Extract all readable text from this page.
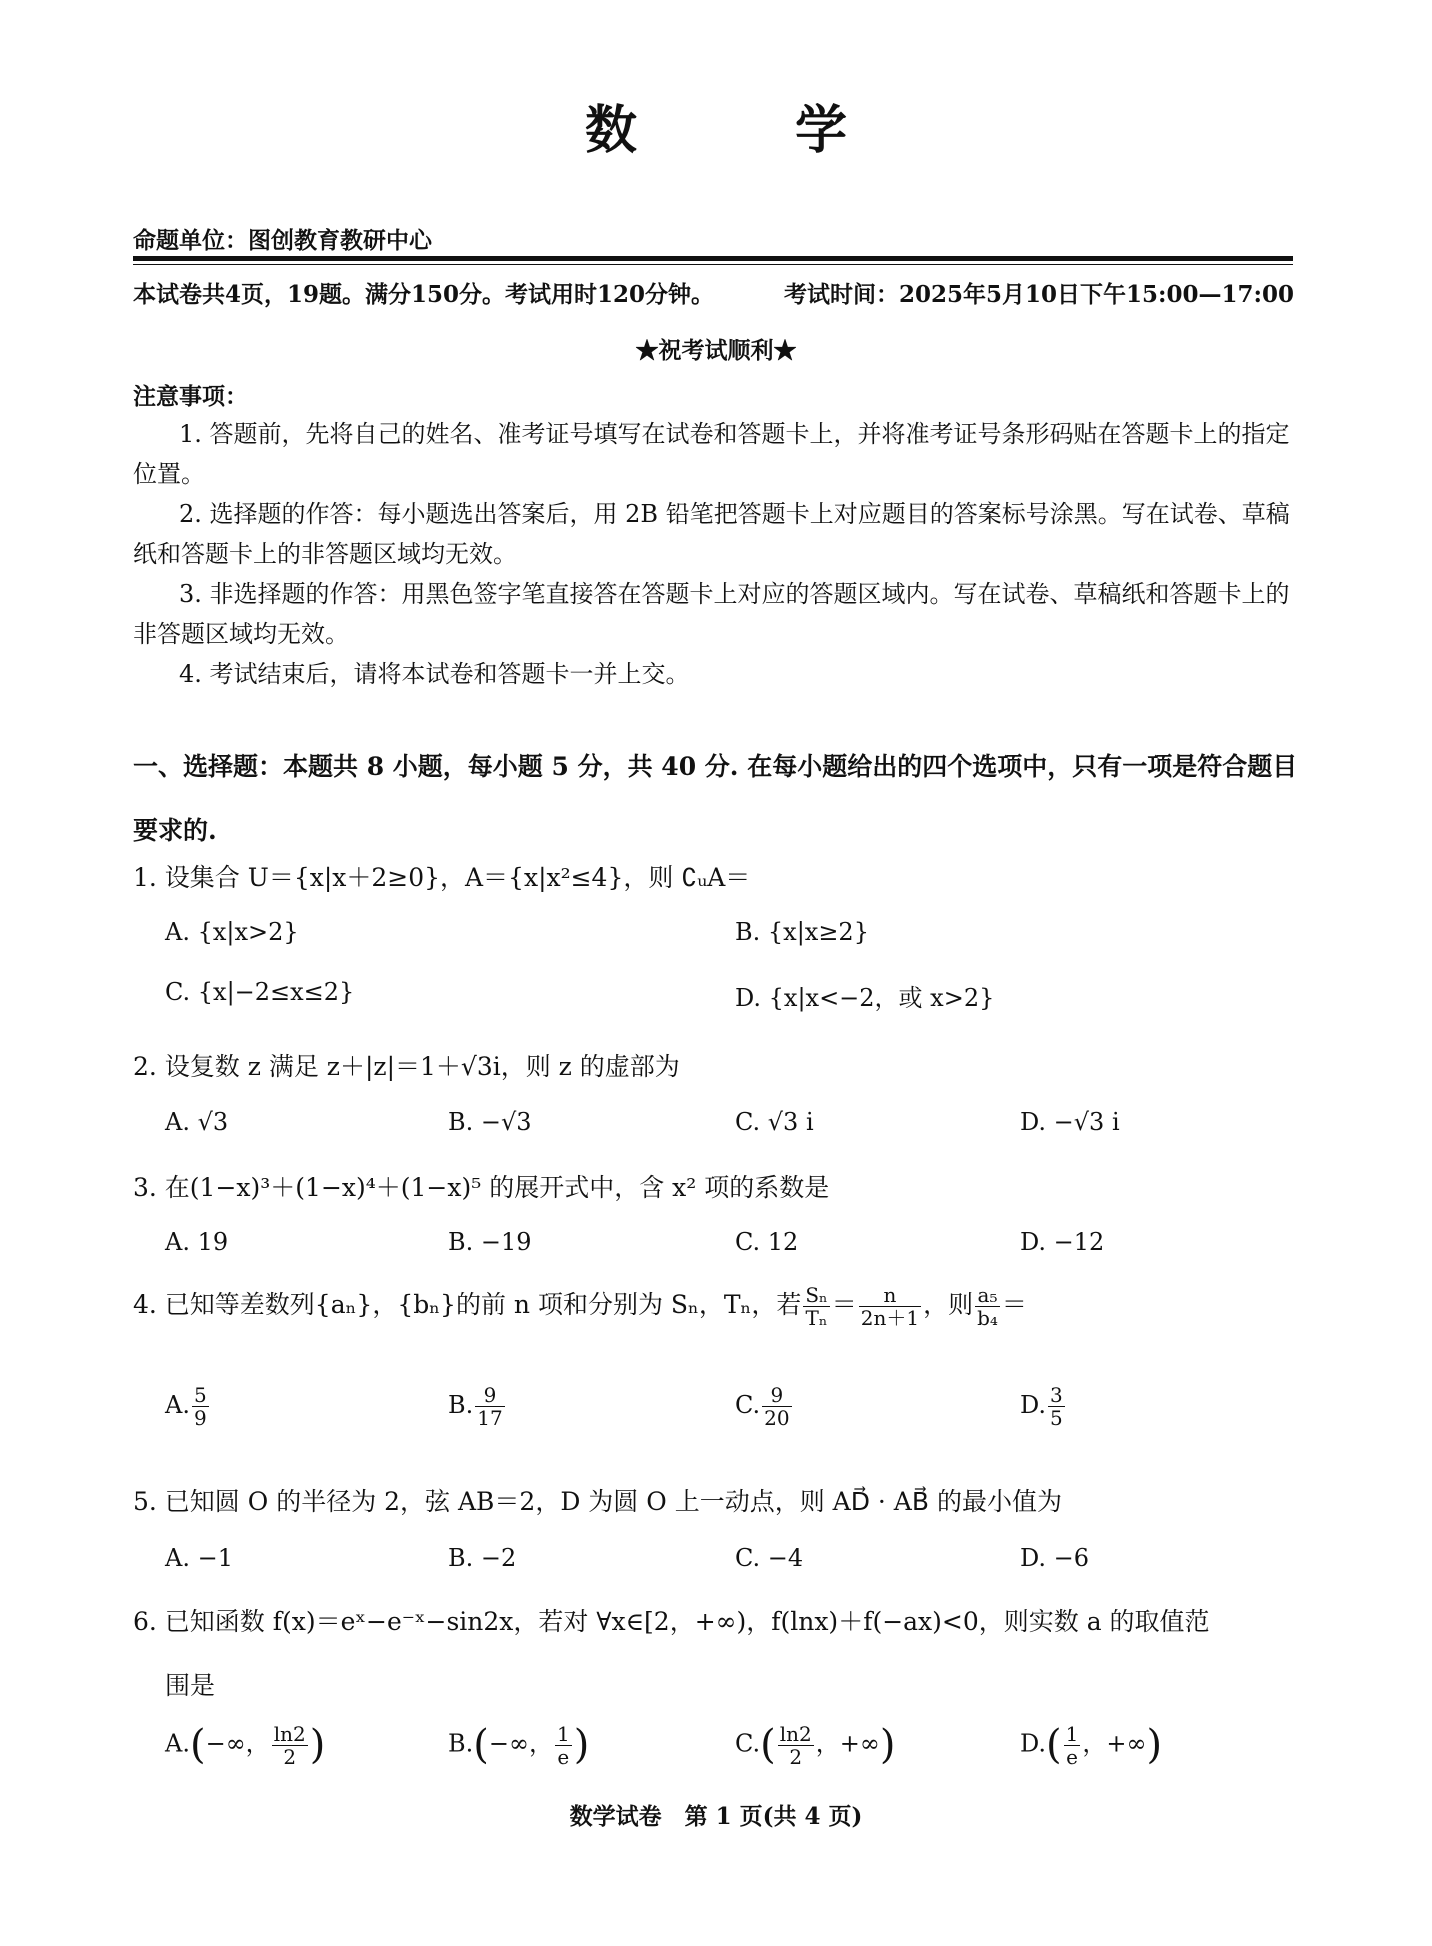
数 学
命题单位：图创教育教研中心
本试卷共4页，19题。满分150分。考试用时120分钟。	考试时间：2025年5月10日下午15:00—17:00
★祝考试顺利★
注意事项：

1. 答题前，先将自己的姓名、准考证号填写在试卷和答题卡上，并将准考证号条形码贴在答题卡上的指定位置。

2. 选择题的作答：每小题选出答案后，用 2B 铅笔把答题卡上对应题目的答案标号涂黑。写在试卷、草稿纸和答题卡上的非答题区域均无效。

3. 非选择题的作答：用黑色签字笔直接答在答题卡上对应的答题区域内。写在试卷、草稿纸和答题卡上的非答题区域均无效。

4. 考试结束后，请将本试卷和答题卡一并上交。

一、选择题：本题共 8 小题，每小题 5 分，共 40 分. 在每小题给出的四个选项中，只有一项是符合题目要求的.
1. 设集合 U＝{x|x＋2≥0}，A＝{x|x²≤4}，则 ∁ᵤA＝
A. {x|x>2}	B. {x|x≥2}
C. {x|−2≤x≤2}	D. {x|x<−2，或 x>2}
2. 设复数 z 满足 z＋|z|＝1＋√3i，则 z 的虚部为
A. √3	B. −√3	C. √3 i	D. −√3 i
3. 在(1−x)³＋(1−x)⁴＋(1−x)⁵ 的展开式中，含 x² 项的系数是
A. 19	B. −19	C. 12	D. −12
4. 已知等差数列{aₙ}，{bₙ}的前 n 项和分别为 Sₙ，Tₙ，若 $\frac{\text{Sₙ}}{\text{Tₙ}} = \frac{n}{2n+1}$ ，则 $\frac{\text{a₅}}{\text{b₄}}$ ＝
A. $\frac{5}{9}$	B. $\frac{9}{17}$	C. $\frac{9}{20}$	D. $\frac{3}{5}$
5. 已知圆 O 的半径为 2，弦 AB＝2，D 为圆 O 上一动点，则 AD⃗ · AB⃗ 的最小值为
A. −1	B. −2	C. −4	D. −6
6. 已知函数 f(x)＝eˣ−e⁻ˣ−sin2x，若对 ∀x∈[2，+∞)，f(lnx)＋f(−ax)<0，则实数 a 的取值范
围是
A.(−∞， $\frac{\ln 2}{2}$ )	B.(−∞， $\frac{1}{e}$ )	$C.( \frac{\ln 2}{2}$ ，+∞)	$D.( \frac{1}{e}$ ，+∞)
数学试卷　第 1 页(共 4 页)
